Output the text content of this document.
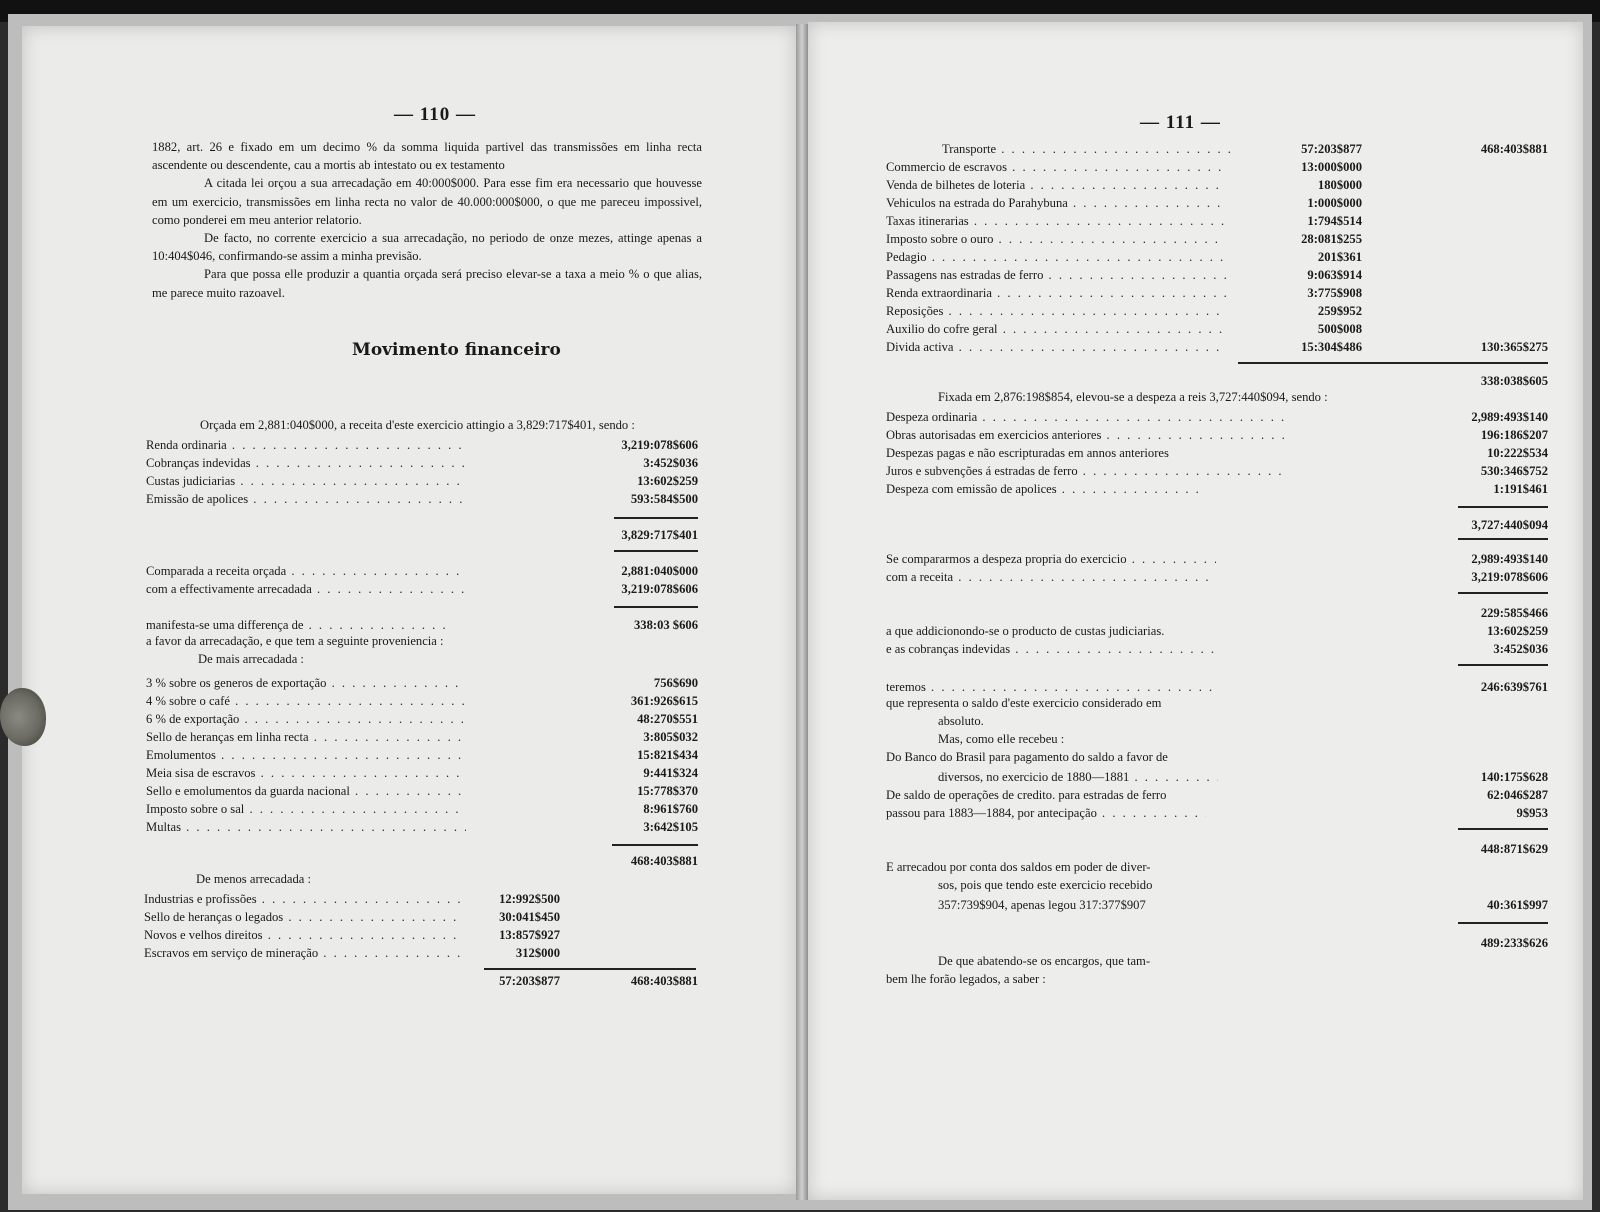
— 110 —

1882, art. 26 e fixado em um decimo % da somma liquida partivel das transmissões em linha recta ascendente ou descendente, cau a mortis ab intestato ou ex testamento

A citada lei orçou a sua arrecadação em 40:000$000. Para esse fim era necessario que houvesse em um exercicio, transmissões em linha recta no valor de 40.000:000$000, o que me pareceu impossivel, como ponderei em meu anterior relatorio.

De facto, no corrente exercicio a sua arrecadação, no periodo de onze mezes, attinge apenas a 10:404$046, confirmando-se assim a minha previsão.

Para que possa elle produzir a quantia orçada será preciso elevar-se a taxa a meio % o que alias, me parece muito razoavel.

Movimento financeiro
Orçada em 2,881:040$000, a receita d'este exercicio attingio a 3,829:717$401, sendo :
Renda ordinaria . . .	3,219:078$606
Cobranças indevidas . . .	3:452$036
Custas judiciarias . . .	13:602$259
Emissão de apolices . . .	593:584$500
3,829:717$401
Comparada a receita orçada . . .	2,881:040$000
com a effectivamente arrecadada . . .	3,219:078$606
manifesta-se uma differença de . . .	338:03 $606
a favor da arrecadação, e que tem a seguinte proveniencia :
De mais arrecadada :
3 % sobre os generos de exportação . . .	756$690
4 % sobre o café . . .	361:926$615
6 % de exportação . . .	48:270$551
Sello de heranças em linha recta . . .	3:805$032
Emolumentos . . .	15:821$434
Meia sisa de escravos . . .	9:441$324
Sello e emolumentos da guarda nacional . . .	15:778$370
Imposto sobre o sal . . .	8:961$760
Multas . . .	3:642$105
468:403$881
De menos arrecadada :
Industrias e profissões . . .	12:992$500
Sello de heranças o legados . . .	30:041$450
Novos e velhos direitos . . .	13:857$927
Escravos em serviço de mineração . . .	312$000
57:203$877	468:403$881
— 111 —
Transporte . . .	57:203$877	468:403$881
Commercio de escravos . . .	13:000$000
Venda de bilhetes de loteria . . .	180$000
Vehiculos na estrada do Parahybuna . . .	1:000$000
Taxas itinerarias . . .	1:794$514
Imposto sobre o ouro . . .	28:081$255
Pedagio . . .	201$361
Passagens nas estradas de ferro . . .	9:063$914
Renda extraordinaria . . .	3:775$908
Reposições . . .	259$952
Auxilio do cofre geral . . .	500$008
Divida activa . . .	15:304$486	130:365$275
338:038$605
Fixada em 2,876:198$854, elevou-se a despeza a reis 3,727:440$094, sendo :
Despeza ordinaria . . .	2,989:493$140
Obras autorisadas em exercicios anteriores . . .	196:186$207
Despezas pagas e não escripturadas em annos anteriores	10:222$534
Juros e subvenções á estradas de ferro . . .	530:346$752
Despeza com emissão de apolices . . .	1:191$461
3,727:440$094
Se compararmos a despeza propria do exercicio . . .	2,989:493$140
com a receita . . .	3,219:078$606
229:585$466
a que addicionondo-se o producto de custas judiciarias.	13:602$259
e as cobranças indevidas . . .	3:452$036
teremos . . .	246:639$761
que representa o saldo d'este exercicio considerado em
absoluto.
Mas, como elle recebeu :
Do Banco do Brasil para pagamento do saldo a favor de
diversos, no exercicio de 1880—1881 . . .	140:175$628
De saldo de operações de credito. para estradas de ferro	62:046$287
passou para 1883—1884, por antecipação . . .	9$953
448:871$629
E arrecadou por conta dos saldos em poder de diver-
sos, pois que tendo este exercicio recebido
357:739$904, apenas legou 317:377$907	40:361$997
489:233$626
De que abatendo-se os encargos, que tam-
bem lhe forão legados, a saber :
